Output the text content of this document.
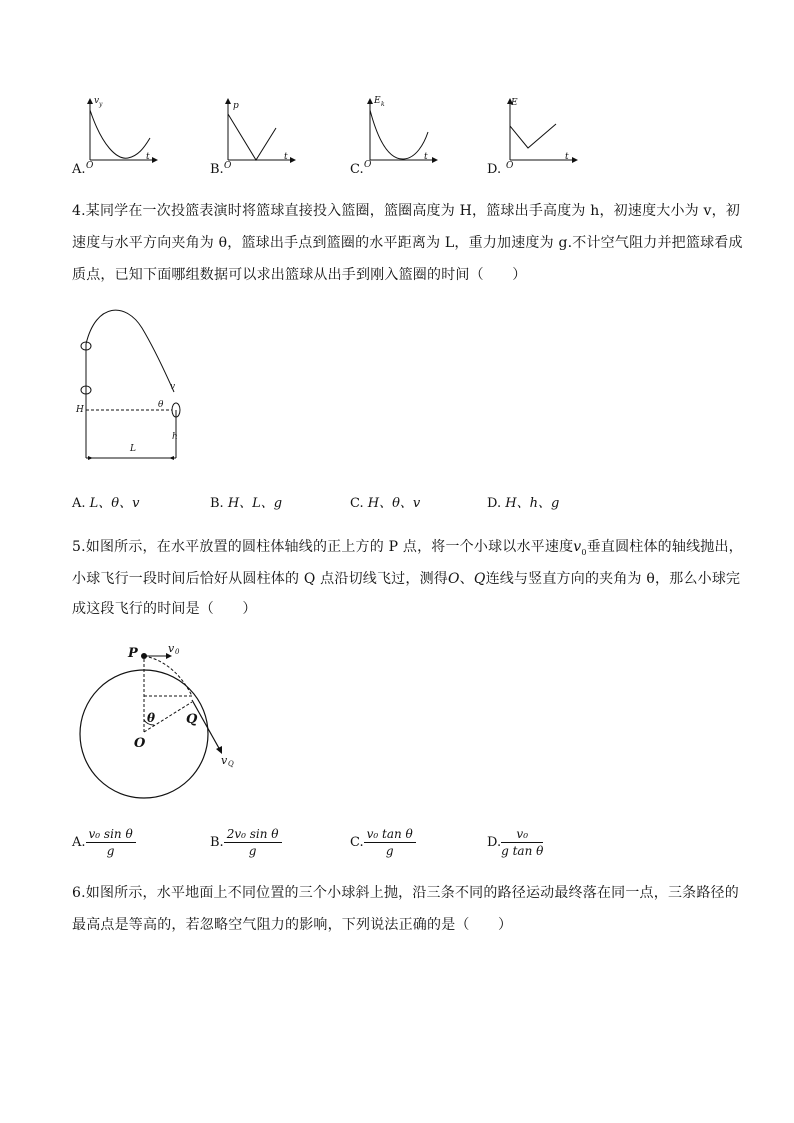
A.
v y
O
t
B.
p
O
t
C.
E k
O
t
D.
E
O
t
4.某同学在一次投篮表演时将篮球直接投入篮圈，篮圈高度为 H，篮球出手高度为 h，初速度大小为 v，初
速度与水平方向夹角为 θ，篮球出手点到篮圈的水平距离为 L，重力加速度为 g.不计空气阻力并把篮球看成
质点，已知下面哪组数据可以求出篮球从出手到刚入篮圈的时间（　　）
v
θ
H
h
L
A. L、θ、v	B. H、L、g	C. H、θ、v	D. H、h、g
5.如图所示，在水平放置的圆柱体轴线的正上方的 P 点，将一个小球以水平速度$v_0$垂直圆柱体的轴线抛出，
小球飞行一段时间后恰好从圆柱体的 Q 点沿切线飞过，测得O、Q连线与竖直方向的夹角为 θ，那么小球完
成这段飞行的时间是（　　）
P	v 0
θ Q
O
v Q
A. $\frac{\text{v₀ sin θ}}{g}$	B. $\frac{\text{2v₀ sin θ}}{g}$	C. $\frac{\text{v₀ tan θ}}{g}$	D. $\frac{\text{v₀}}{\text{g tan θ}}$
6.如图所示，水平地面上不同位置的三个小球斜上抛，沿三条不同的路径运动最终落在同一点，三条路径的
最高点是等高的，若忽略空气阻力的影响，下列说法正确的是（　　）
